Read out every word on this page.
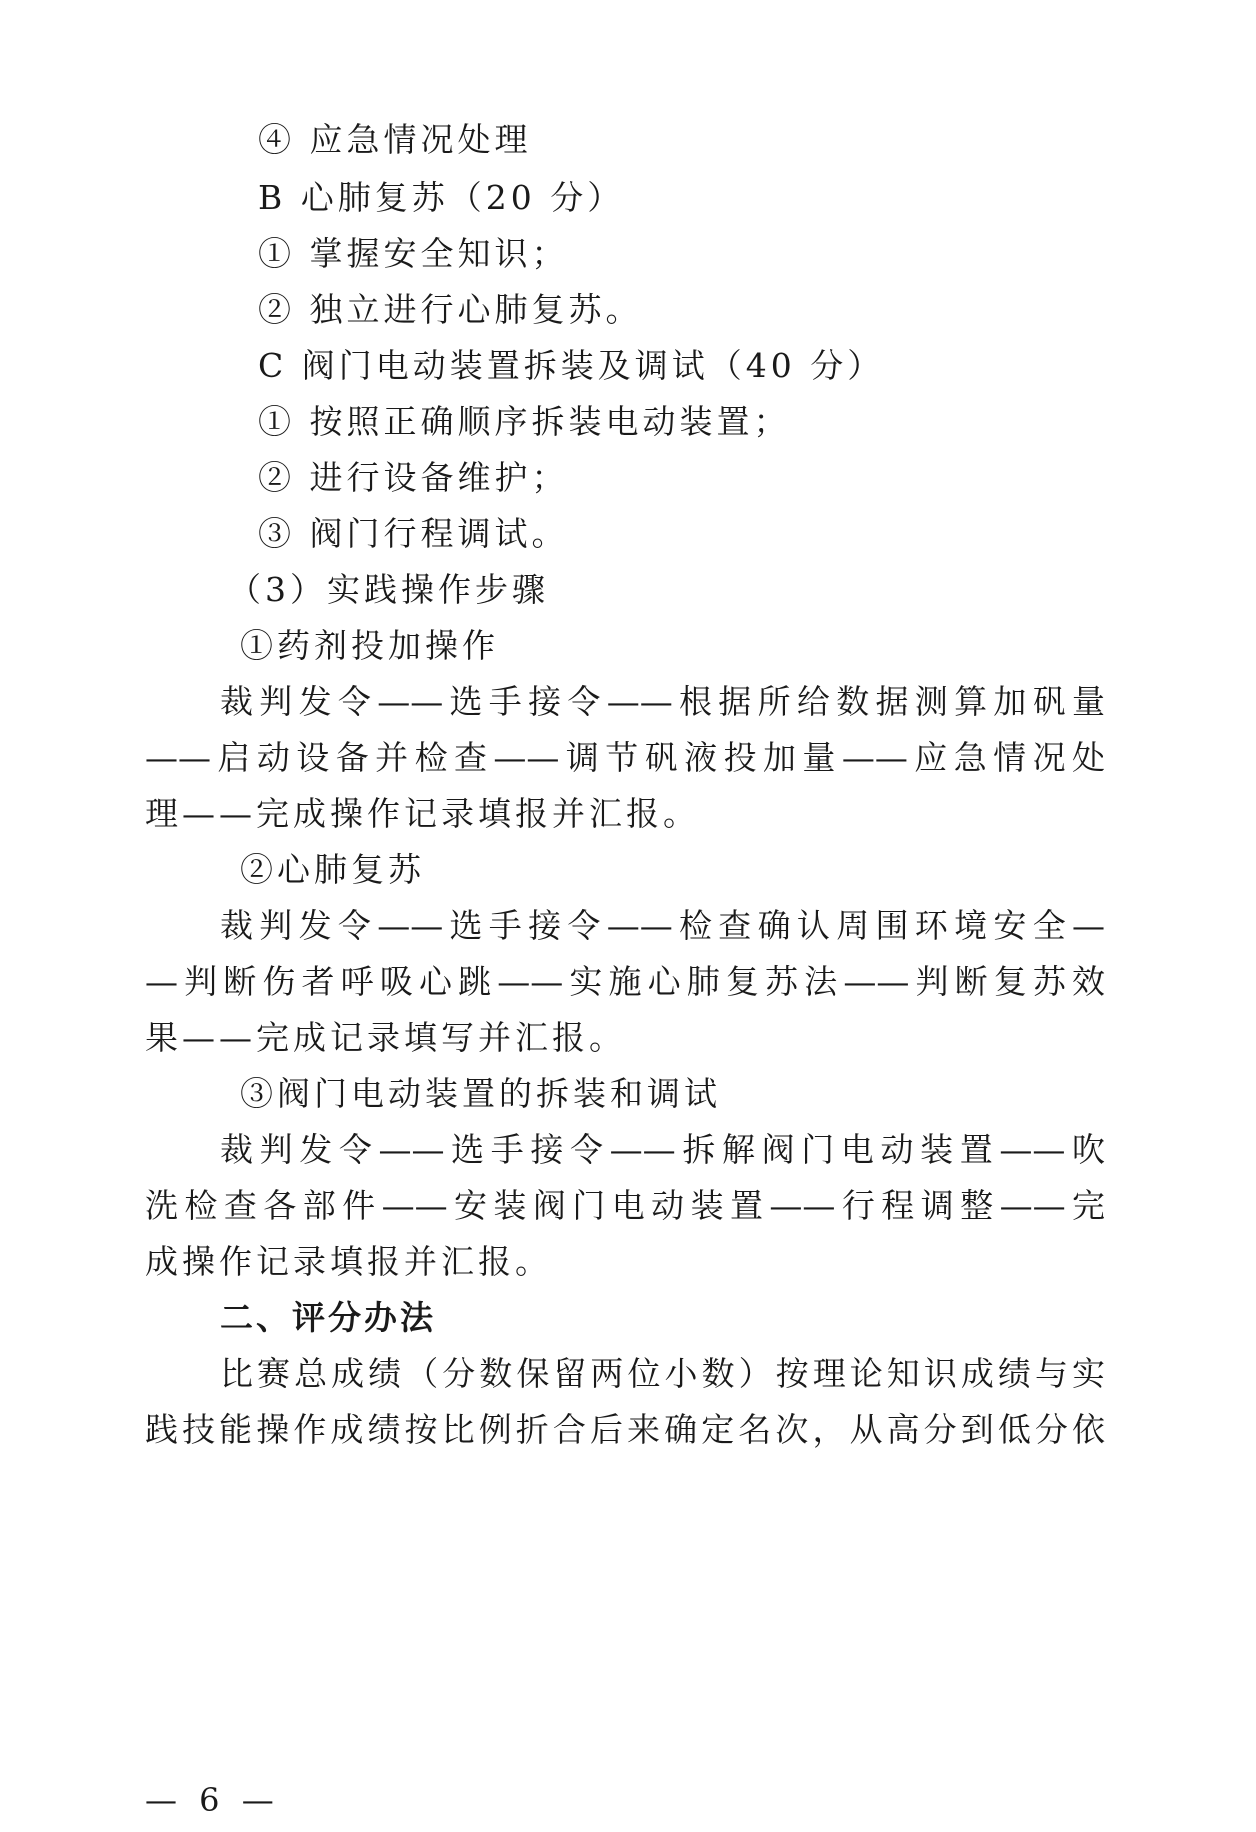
④ 应急情况处理
B 心肺复苏（20 分）
① 掌握安全知识；
② 独立进行心肺复苏。
C 阀门电动装置拆装及调试（40 分）
① 按照正确顺序拆装电动装置；
② 进行设备维护；
③ 阀门行程调试。
（3）实践操作步骤
①药剂投加操作
裁判发令——选手接令——根据所给数据测算加矾量
——启动设备并检查——调节矾液投加量——应急情况处
理——完成操作记录填报并汇报。
②心肺复苏
裁判发令——选手接令——检查确认周围环境安全—
—判断伤者呼吸心跳——实施心肺复苏法——判断复苏效
果——完成记录填写并汇报。
③阀门电动装置的拆装和调试
裁判发令——选手接令——拆解阀门电动装置——吹
洗检查各部件——安装阀门电动装置——行程调整——完
成操作记录填报并汇报。
二、评分办法
比赛总成绩（分数保留两位小数）按理论知识成绩与实
践技能操作成绩按比例折合后来确定名次，从高分到低分依
— 6 —
